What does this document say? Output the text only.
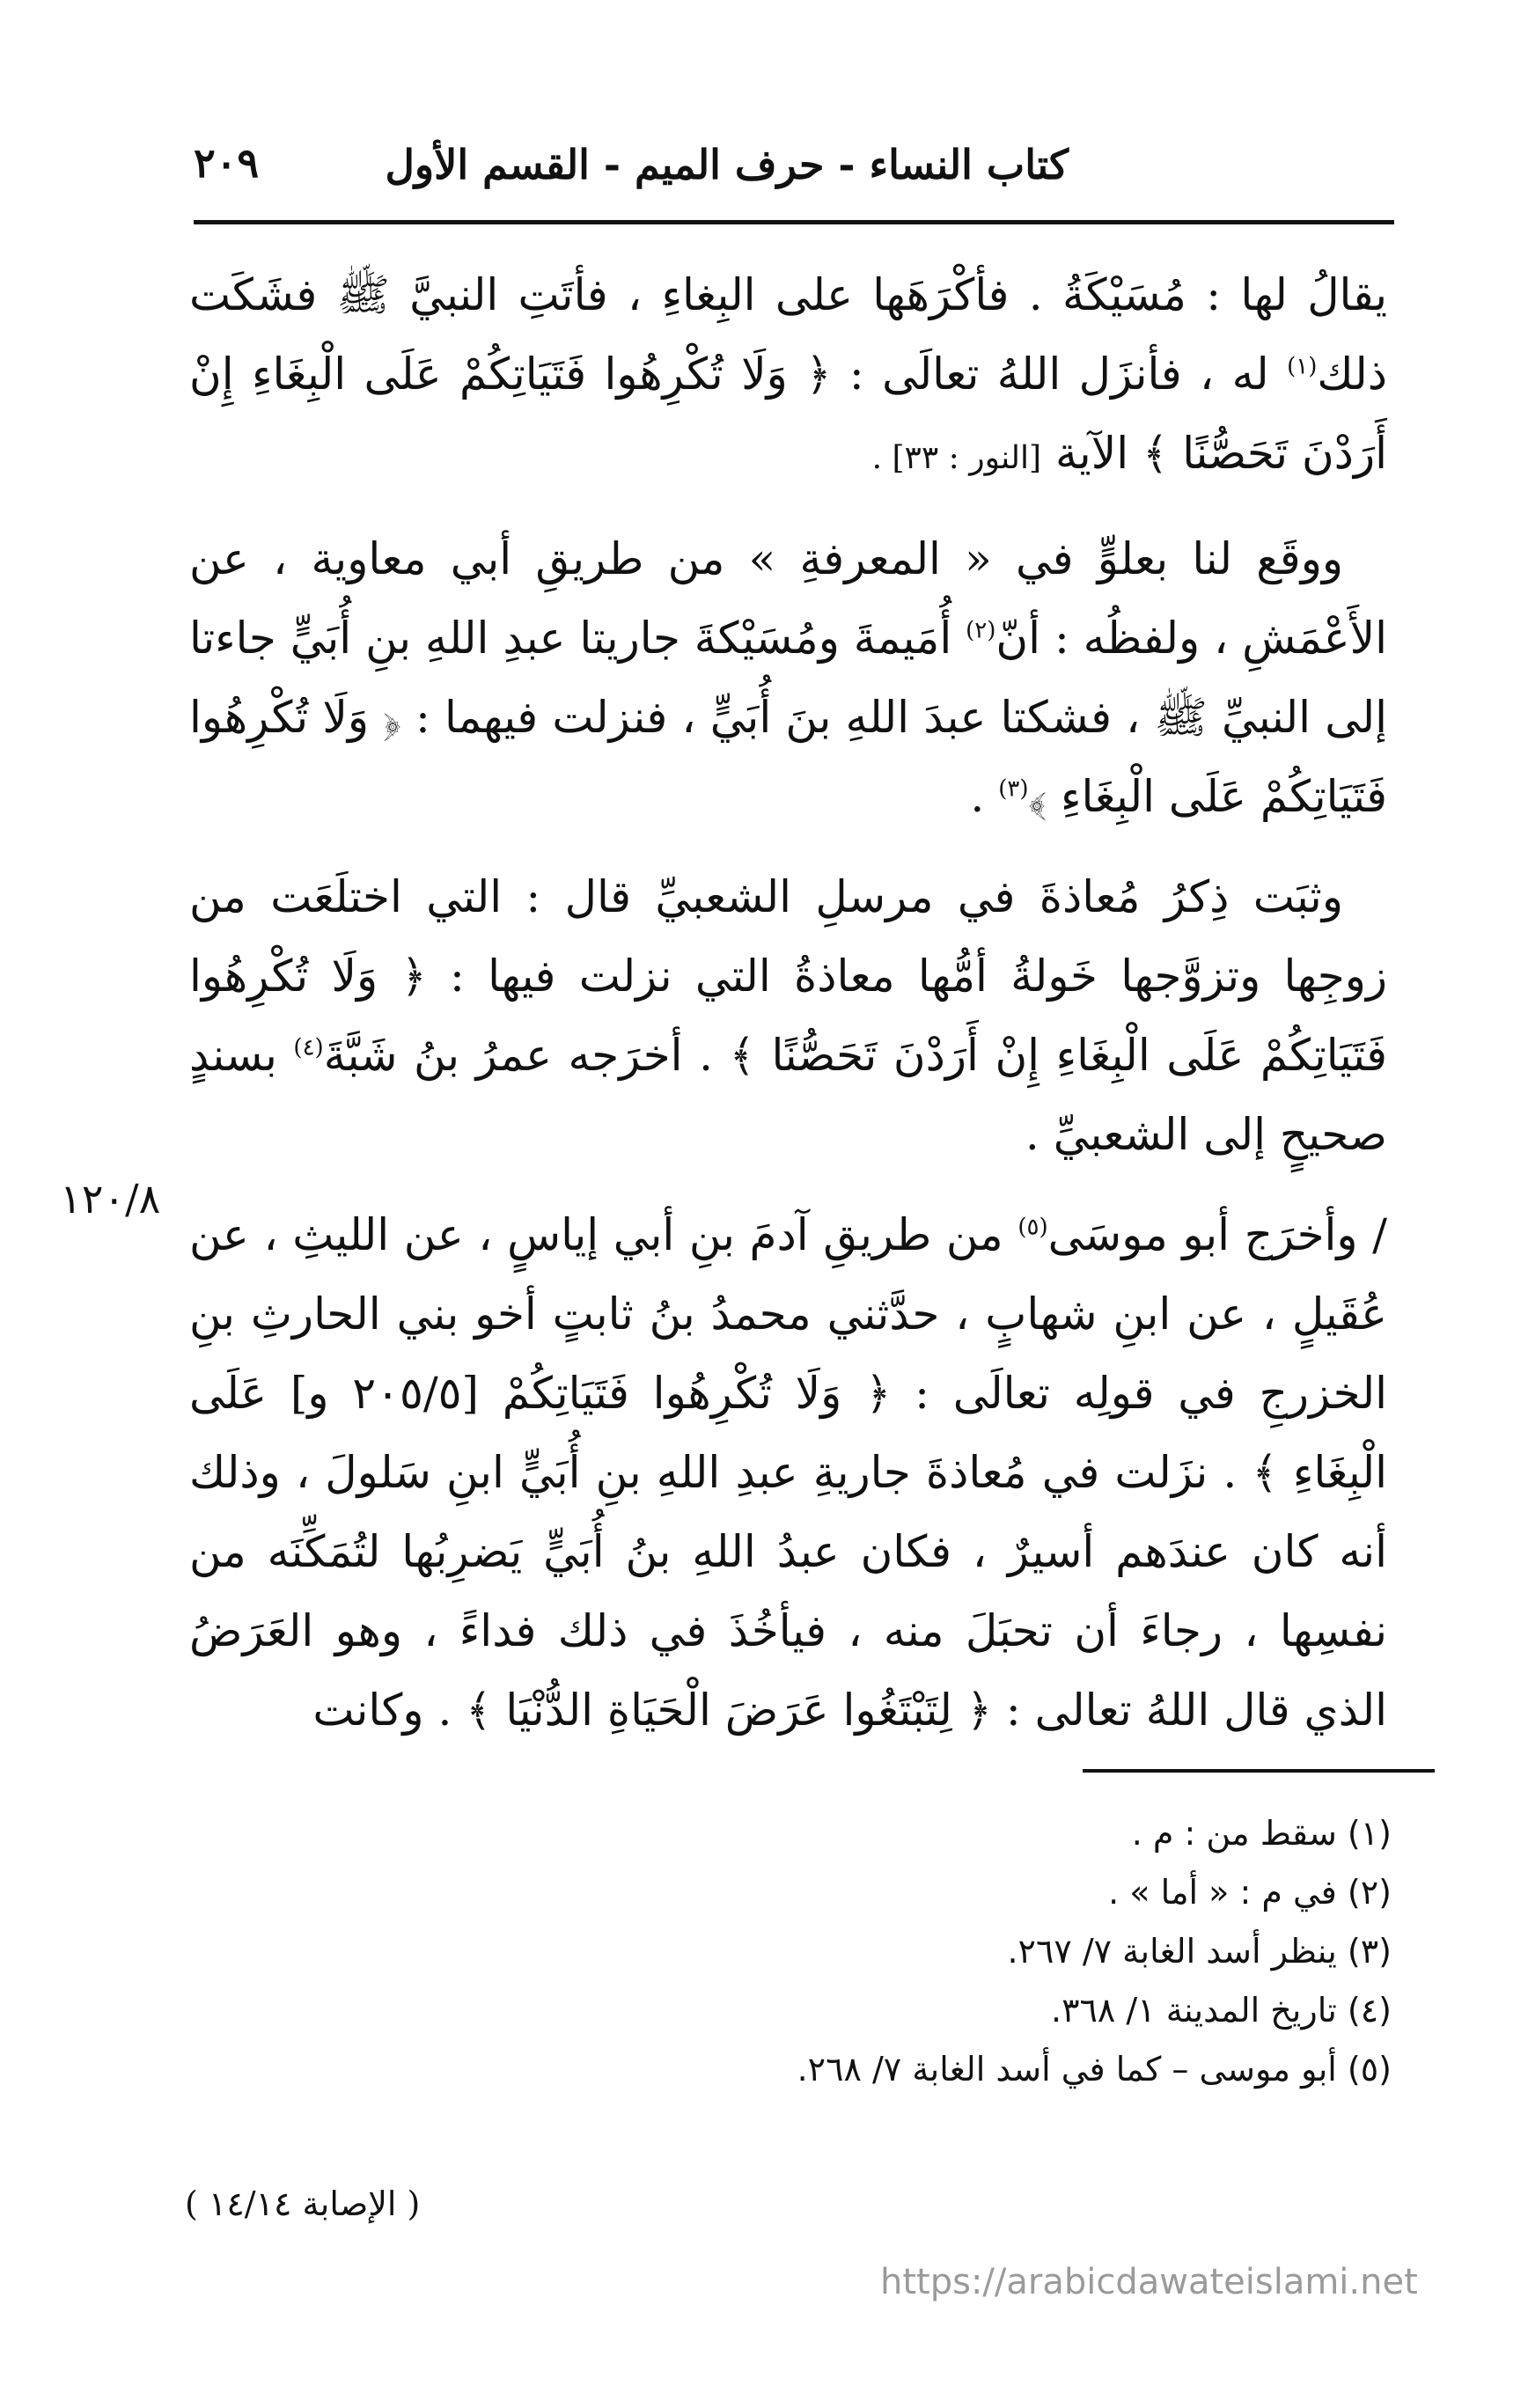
٢٠٩	كتاب النساء - حرف الميم - القسم الأول

يقالُ لها : مُسَيْكَةُ . فأكْرَهَها على البِغاءِ ، فأتَتِ النبيَّ ﷺ فشَكَت ذلك$^{(١)}$ له ، فأنزَل اللهُ تعالَى : ﴿ وَلَا تُكْرِهُوا فَتَيَاتِكُمْ عَلَى الْبِغَاءِ إِنْ أَرَدْنَ تَحَصُّنًا ﴾ الآية [النور : ٣٣] .

ووقَع لنا بعلوٍّ في « المعرفةِ » من طريقِ أبي معاوية ، عن الأَعْمَشِ ، ولفظُه : أنّ$^{(٢)}$ أُمَيمةَ ومُسَيْكةَ جاريتا عبدِ اللهِ بنِ أُبَيٍّ جاءتا إلى النبيِّ ﷺ ، فشكتا عبدَ اللهِ بنَ أُبَيٍّ ، فنزلت فيهما : ﴿ وَلَا تُكْرِهُوا فَتَيَاتِكُمْ عَلَى الْبِغَاءِ ﴾$^{(٣)}$ .

وثبَت ذِكرُ مُعاذةَ في مرسلِ الشعبيِّ قال : التي اختلَعَت من زوجِها وتزوَّجها خَولةُ أمُّها معاذةُ التي نزلت فيها : ﴿ وَلَا تُكْرِهُوا فَتَيَاتِكُمْ عَلَى الْبِغَاءِ إِنْ أَرَدْنَ تَحَصُّنًا ﴾ . أخرَجه عمرُ بنُ شَبَّةَ$^{(٤)}$ بسندٍ صحيحٍ إلى الشعبيِّ .

/ وأخرَج أبو موسَى$^{(٥)}$ من طريقِ آدمَ بنِ أبي إياسٍ ، عن الليثِ ، عن عُقَيلٍ ، عن ابنِ شهابٍ ، حدَّثني محمدُ بنُ ثابتٍ أخو بني الحارثِ بنِ الخزرجِ في قولِه تعالَى : ﴿ وَلَا تُكْرِهُوا فَتَيَاتِكُمْ [٢٠٥/٥ و] عَلَى الْبِغَاءِ ﴾ . نزَلت في مُعاذةَ جاريةِ عبدِ اللهِ بنِ أُبَيٍّ ابنِ سَلولَ ، وذلك أنه كان عندَهم أسيرٌ ، فكان عبدُ اللهِ بنُ أُبَيٍّ يَضرِبُها لتُمَكِّنَه من نفسِها ، رجاءَ أن تحبَلَ منه ، فيأخُذَ في ذلك فداءً ، وهو العَرَضُ الذي قال اللهُ تعالى : ﴿ لِتَبْتَغُوا عَرَضَ الْحَيَاةِ الدُّنْيَا ﴾ . وكانت

١٢٠/٨
(١) سقط من : م .
(٢) في م : « أما » .
(٣) ينظر أسد الغابة ٧/ ٢٦٧.
(٤) تاريخ المدينة ١/ ٣٦٨.
(٥) أبو موسى – كما في أسد الغابة ٧/ ٢٦٨.
( الإصابة ١٤/١٤ )
https://arabicdawateislami.net
